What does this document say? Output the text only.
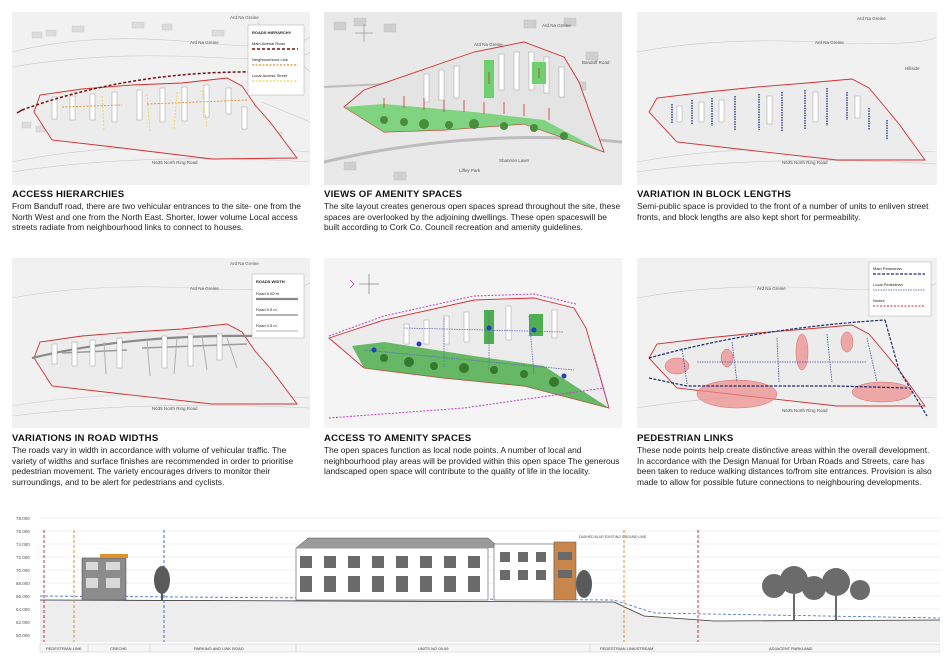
Ard Na Greine
Ard Na Greine
N635 North Ring Road
ROADS HIERARCHY
Main Arterial Road
Neighbourhood Link
Local Access Street
ACCESS HIERARCHIES

From Banduff road, there are two vehicular entrances to the site- one from the North West and one from the North East. Shorter, lower volume Local access streets radiate from neighbourhood links to connect to houses.

Ard Na Greine
Ard Na Greine
Banduff Road
Shannon Lawn
Liffey Park
VIEWS OF AMENITY SPACES

The site layout creates generous open spaces spread throughout the site, these spaces are overlooked by the adjoining dwellings. These open spaceswill be built according to Cork Co. Council recreation and amenity guidelines.

Ard Na Greine
Ard Na Greine
Hillside
N635 North Ring Road
VARIATION IN BLOCK LENGTHS

Semi-public space is provided to the front of a number of units to enliven street fronts, and block lengths are also kept short for permeability.

Ard Na Greine
Ard Na Greine
N635 North Ring Road
ROADS WIDTH
Road 6.00 m
Road 5.5 m
Road 4.5 m
VARIATIONS IN ROAD WIDTHS

The roads vary in width in accordance with volume of vehicular traffic. The variety of widths and surface finishes are recommended in order to prioritise pedestrian movement. The variety encourages drivers to monitor their surroundings, and to be alert for pedestrians and cyclists.

ACCESS TO AMENITY SPACES

The open spaces function as local node points. A number of local and neighbourhood play areas will be provided within this open space The generous landscaped open space will contribute to the quality of life in the locality.

Ard Na Greine
N635 North Ring Road
Main Pedestrian
Local Pedestrian
Nodes
PEDESTRIAN LINKS

These node points help create distinctive areas within the overall development. In accordance with the Design Manual for Urban Roads and Streets, care has been taken to reduce walking distances to/from site entrances. Provision is also made to allow for possible future connections to neighbouring developments.

78.000
76.000
74.000
72.000
70.000
68.000
66.000
64.000
62.000
60.000
DASHED BLUE EXISTING GROUND LINE
PEDESTRIAN LINK	CRECHE	PARKING AND LINK ROAD	UNITS NO 05-09	PEDESTRIAN LINK/STREAM	ADJACENT PARKLAND
